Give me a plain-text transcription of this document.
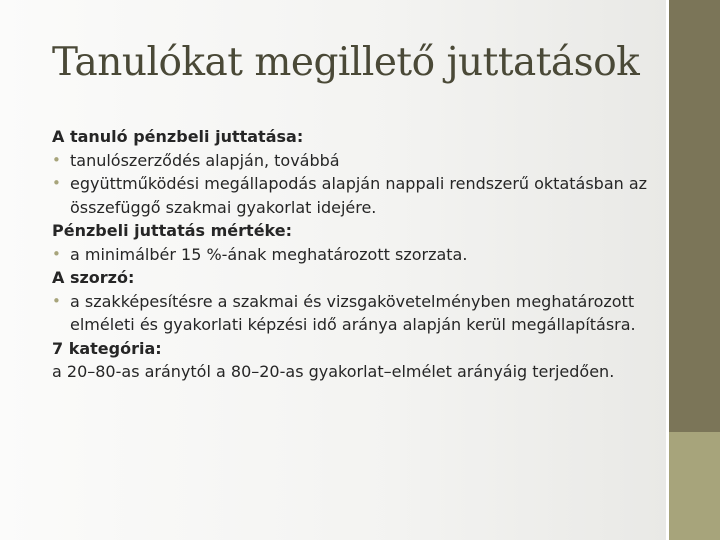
Tanulókat megillető juttatások
A tanuló pénzbeli juttatása:
• tanulószerződés alapján, továbbá
• együttműködési megállapodás alapján nappali rendszerű oktatásban az összefüggő szakmai gyakorlat idejére.
Pénzbeli juttatás mértéke:
• a minimálbér 15 %-ának meghatározott szorzata.
A szorzó:
• a szakképesítésre a szakmai és vizsgakövetelményben meghatározott elméleti és gyakorlati képzési idő aránya alapján kerül megállapításra.
7 kategória:
a 20–80-as aránytól a 80–20-as gyakorlat–elmélet arányáig terjedően.
